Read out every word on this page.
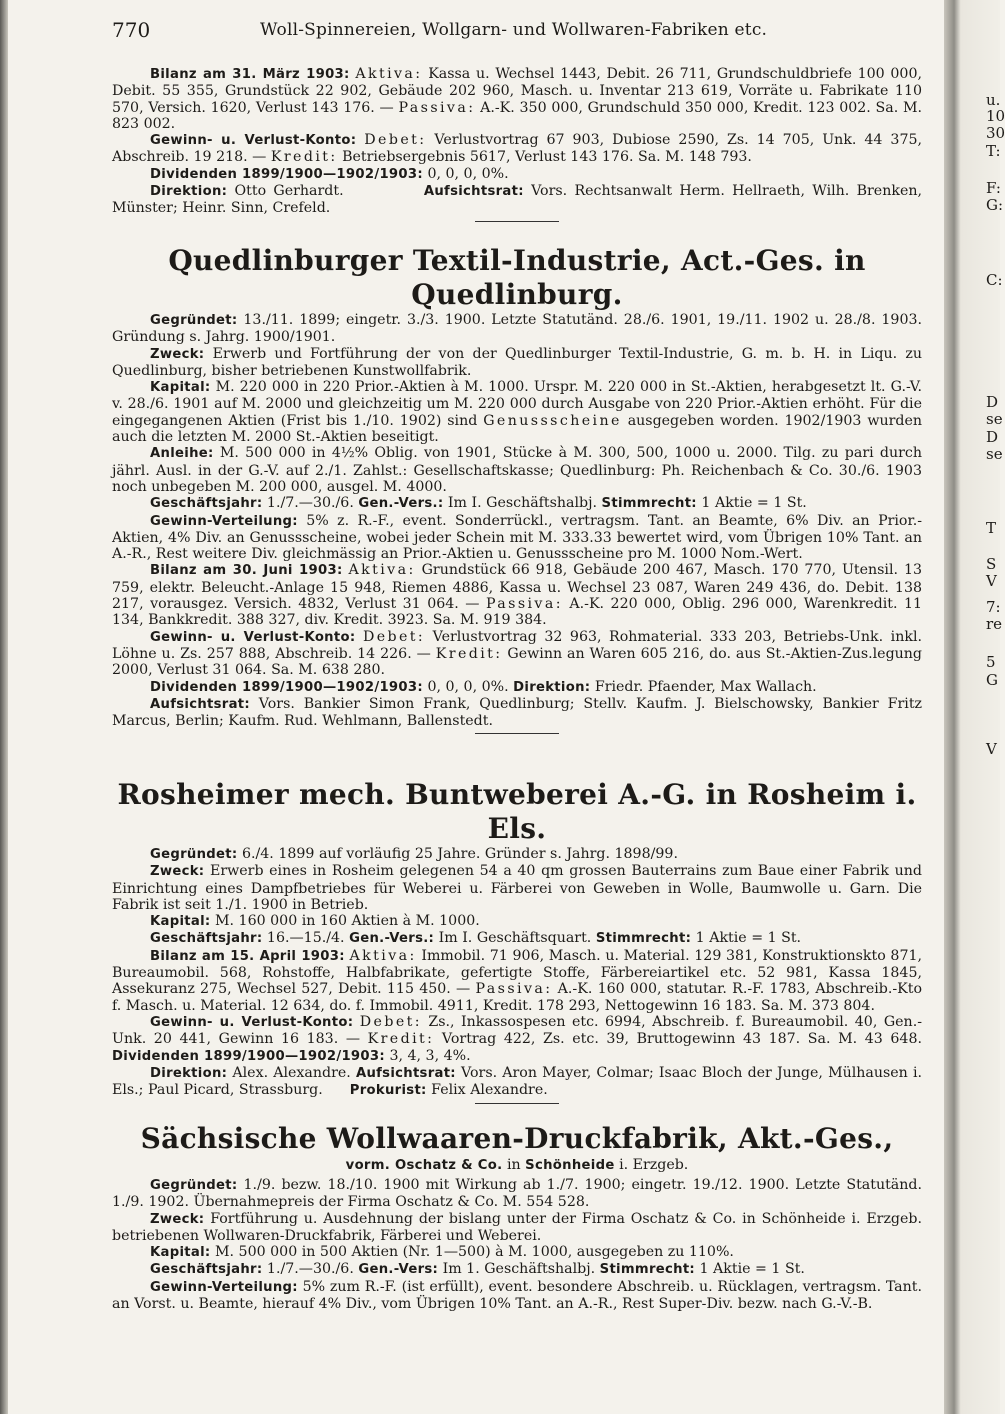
u.
10
30
T:
F:
G:
C:
D
se
D
se
T
S
V
7:
re
5
G
V
770	Woll-Spinnereien, Wollgarn- und Wollwaren-Fabriken etc.

Bilanz am 31. März 1903: Aktiva: Kassa u. Wechsel 1443, Debit. 26 711, Grundschuldbriefe 100 000, Debit. 55 355, Grundstück 22 902, Gebäude 202 960, Masch. u. Inventar 213 619, Vorräte u. Fabrikate 110 570, Versich. 1620, Verlust 143 176. — Passiva: A.-K. 350 000, Grundschuld 350 000, Kredit. 123 002. Sa. M. 823 002.

Gewinn- u. Verlust-Konto: Debet: Verlustvortrag 67 903, Dubiose 2590, Zs. 14 705, Unk. 44 375, Abschreib. 19 218. — Kredit: Betriebsergebnis 5617, Verlust 143 176. Sa. M. 148 793.

Dividenden 1899/1900—1902/1903: 0, 0, 0, 0%.

Direktion: Otto Gerhardt.	Aufsichtsrat: Vors. Rechtsanwalt Herm. Hellraeth, Wilh. Brenken, Münster; Heinr. Sinn, Crefeld.

Quedlinburger Textil-Industrie, Act.-Ges. in Quedlinburg.

Gegründet: 13./11. 1899; eingetr. 3./3. 1900. Letzte Statutänd. 28./6. 1901, 19./11. 1902 u. 28./8. 1903. Gründung s. Jahrg. 1900/1901.

Zweck: Erwerb und Fortführung der von der Quedlinburger Textil-Industrie, G. m. b. H. in Liqu. zu Quedlinburg, bisher betriebenen Kunstwollfabrik.

Kapital: M. 220 000 in 220 Prior.-Aktien à M. 1000. Urspr. M. 220 000 in St.-Aktien, herabgesetzt lt. G.-V. v. 28./6. 1901 auf M. 2000 und gleichzeitig um M. 220 000 durch Ausgabe von 220 Prior.-Aktien erhöht. Für die eingegangenen Aktien (Frist bis 1./10. 1902) sind Genussscheine ausgegeben worden. 1902/1903 wurden auch die letzten M. 2000 St.-Aktien beseitigt.

Anleihe: M. 500 000 in 4½% Oblig. von 1901, Stücke à M. 300, 500, 1000 u. 2000. Tilg. zu pari durch jährl. Ausl. in der G.-V. auf 2./1. Zahlst.: Gesellschaftskasse; Quedlinburg: Ph. Reichenbach & Co. 30./6. 1903 noch unbegeben M. 200 000, ausgel. M. 4000.

Geschäftsjahr: 1./7.—30./6. Gen.-Vers.: Im I. Geschäftshalbj. Stimmrecht: 1 Aktie = 1 St.

Gewinn-Verteilung: 5% z. R.-F., event. Sonderrückl., vertragsm. Tant. an Beamte, 6% Div. an Prior.-Aktien, 4% Div. an Genussscheine, wobei jeder Schein mit M. 333.33 bewertet wird, vom Übrigen 10% Tant. an A.-R., Rest weitere Div. gleichmässig an Prior.-Aktien u. Genussscheine pro M. 1000 Nom.-Wert.

Bilanz am 30. Juni 1903: Aktiva: Grundstück 66 918, Gebäude 200 467, Masch. 170 770, Utensil. 13 759, elektr. Beleucht.-Anlage 15 948, Riemen 4886, Kassa u. Wechsel 23 087, Waren 249 436, do. Debit. 138 217, vorausgez. Versich. 4832, Verlust 31 064. — Passiva: A.-K. 220 000, Oblig. 296 000, Warenkredit. 11 134, Bankkredit. 388 327, div. Kredit. 3923. Sa. M. 919 384.

Gewinn- u. Verlust-Konto: Debet: Verlustvortrag 32 963, Rohmaterial. 333 203, Betriebs-Unk. inkl. Löhne u. Zs. 257 888, Abschreib. 14 226. — Kredit: Gewinn an Waren 605 216, do. aus St.-Aktien-Zus.legung 2000, Verlust 31 064. Sa. M. 638 280.

Dividenden 1899/1900—1902/1903: 0, 0, 0, 0%. Direktion: Friedr. Pfaender, Max Wallach.

Aufsichtsrat: Vors. Bankier Simon Frank, Quedlinburg; Stellv. Kaufm. J. Bielschowsky, Bankier Fritz Marcus, Berlin; Kaufm. Rud. Wehlmann, Ballenstedt.

Rosheimer mech. Buntweberei A.-G. in Rosheim i. Els.

Gegründet: 6./4. 1899 auf vorläufig 25 Jahre. Gründer s. Jahrg. 1898/99.

Zweck: Erwerb eines in Rosheim gelegenen 54 a 40 qm grossen Bauterrains zum Baue einer Fabrik und Einrichtung eines Dampfbetriebes für Weberei u. Färberei von Geweben in Wolle, Baumwolle u. Garn. Die Fabrik ist seit 1./1. 1900 in Betrieb.

Kapital: M. 160 000 in 160 Aktien à M. 1000.

Geschäftsjahr: 16.—15./4. Gen.-Vers.: Im I. Geschäftsquart. Stimmrecht: 1 Aktie = 1 St.

Bilanz am 15. April 1903: Aktiva: Immobil. 71 906, Masch. u. Material. 129 381, Konstruktionskto 871, Bureaumobil. 568, Rohstoffe, Halbfabrikate, gefertigte Stoffe, Färbereiartikel etc. 52 981, Kassa 1845, Assekuranz 275, Wechsel 527, Debit. 115 450. — Passiva: A.-K. 160 000, statutar. R.-F. 1783, Abschreib.-Kto f. Masch. u. Material. 12 634, do. f. Immobil. 4911, Kredit. 178 293, Nettogewinn 16 183. Sa. M. 373 804.

Gewinn- u. Verlust-Konto: Debet: Zs., Inkassospesen etc. 6994, Abschreib. f. Bureaumobil. 40, Gen.-Unk. 20 441, Gewinn 16 183. — Kredit: Vortrag 422, Zs. etc. 39, Bruttogewinn 43 187. Sa. M. 43 648. Dividenden 1899/1900—1902/1903: 3, 4, 3, 4%.

Direktion: Alex. Alexandre. Aufsichtsrat: Vors. Aron Mayer, Colmar; Isaac Bloch der Junge, Mülhausen i. Els.; Paul Picard, Strassburg. Prokurist: Felix Alexandre.

Sächsische Wollwaaren-Druckfabrik, Akt.-Ges.,
vorm. Oschatz & Co. in Schönheide i. Erzgeb.

Gegründet: 1./9. bezw. 18./10. 1900 mit Wirkung ab 1./7. 1900; eingetr. 19./12. 1900. Letzte Statutänd. 1./9. 1902. Übernahmepreis der Firma Oschatz & Co. M. 554 528.

Zweck: Fortführung u. Ausdehnung der bislang unter der Firma Oschatz & Co. in Schönheide i. Erzgeb. betriebenen Wollwaren-Druckfabrik, Färberei und Weberei.

Kapital: M. 500 000 in 500 Aktien (Nr. 1—500) à M. 1000, ausgegeben zu 110%.

Geschäftsjahr: 1./7.—30./6. Gen.-Vers: Im 1. Geschäftshalbj. Stimmrecht: 1 Aktie = 1 St.

Gewinn-Verteilung: 5% zum R.-F. (ist erfüllt), event. besondere Abschreib. u. Rücklagen, vertragsm. Tant. an Vorst. u. Beamte, hierauf 4% Div., vom Übrigen 10% Tant. an A.-R., Rest Super-Div. bezw. nach G.-V.-B.
